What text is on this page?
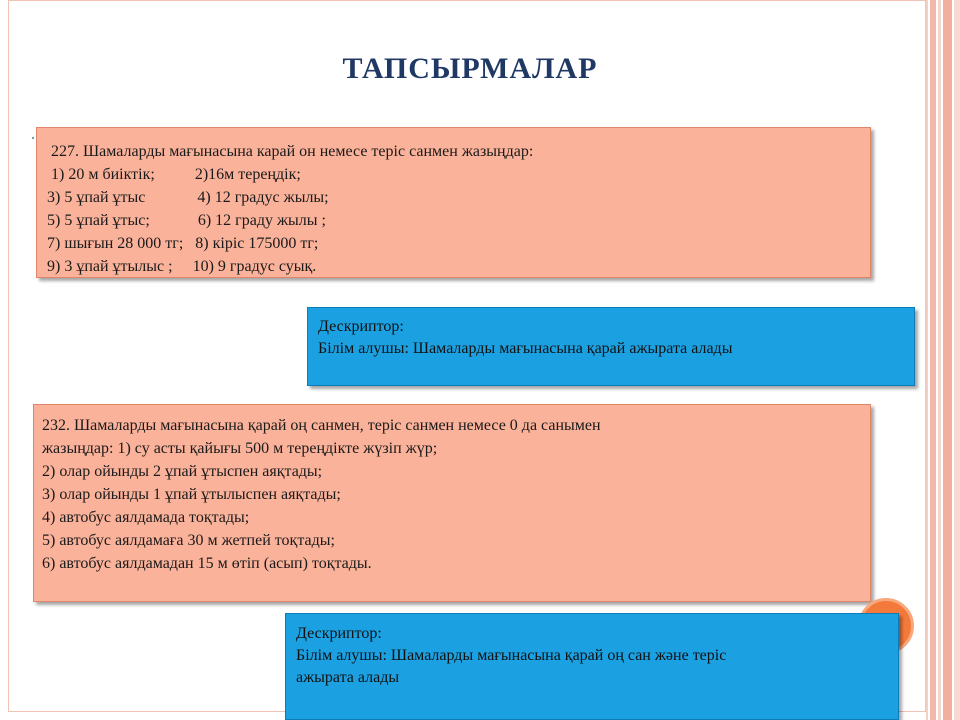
ТАПСЫРМАЛАР
·
227. Шамаларды мағынасына карай он немесе теріс санмен жазыңдар:
1) 20 м биіктік;          2)16м тереңдік;
3) 5 ұпай ұтыс             4) 12 градус жылы;
5) 5 ұпай ұтыс;            6) 12 граду жылы ;
7) шығын 28 000 тг;   8) кіріс 175000 тг;
9) 3 ұпай ұтылыс ;     10) 9 градус суық.
Дескриптор:
Білім алушы: Шамаларды мағынасына қарай ажырата алады
232. Шамаларды мағынасына қарай оң санмен, теріс санмен немесе 0 да санымен
жазыңдар: 1) су асты қайығы 500 м тереңдікте жүзіп жүр;
2) олар ойынды 2 ұпай ұтыспен аяқтады;
3) олар ойынды 1 ұпай ұтылыспен аяқтады;
4) автобус аялдамада тоқтады;
5) автобус аялдамаға 30 м жетпей тоқтады;
6) автобус аялдамадан 15 м өтіп (асып) тоқтады.
Дескриптор:
Білім алушы: Шамаларды мағынасына қарай оң сан және теріс
ажырата алады
